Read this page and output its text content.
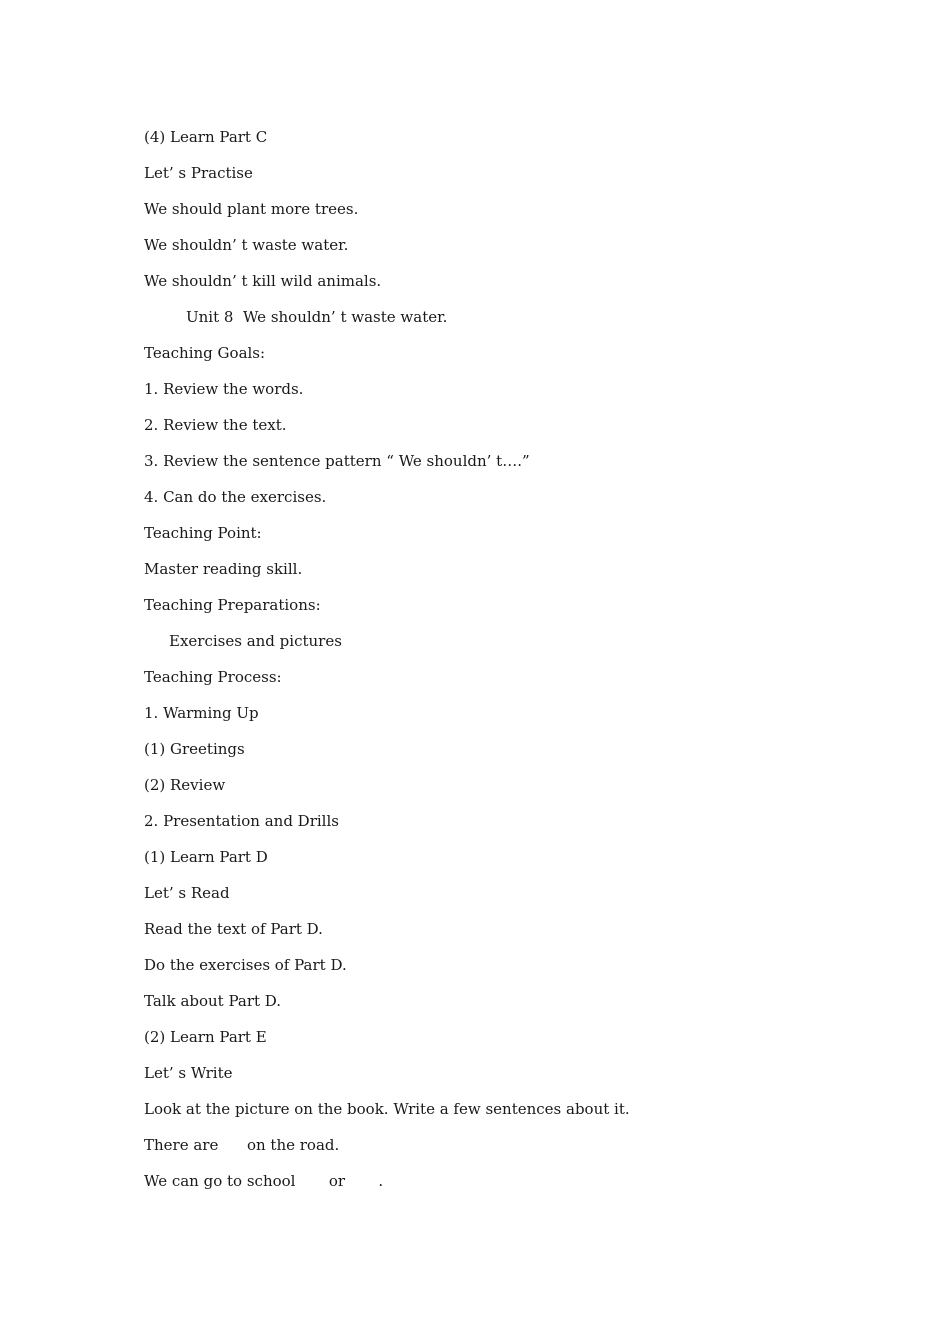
(4) Learn Part C

Let’ s Practise

We should plant more trees.

We shouldn’ t waste water.

We shouldn’ t kill wild animals.

Unit 8  We shouldn’ t waste water.

Teaching Goals:

1. Review the words.

2. Review the text.

3. Review the sentence pattern “ We shouldn’ t….”

4. Can do the exercises.

Teaching Point:

Master reading skill.

Teaching Preparations:

Exercises and pictures

Teaching Process:

1. Warming Up

(1) Greetings

(2) Review

2. Presentation and Drills

(1) Learn Part D

Let’ s Read

Read the text of Part D.

Do the exercises of Part D.

Talk about Part D.

(2) Learn Part E

Let’ s Write

Look at the picture on the book. Write a few sentences about it.

There are      on the road.

We can go to school       or       .
